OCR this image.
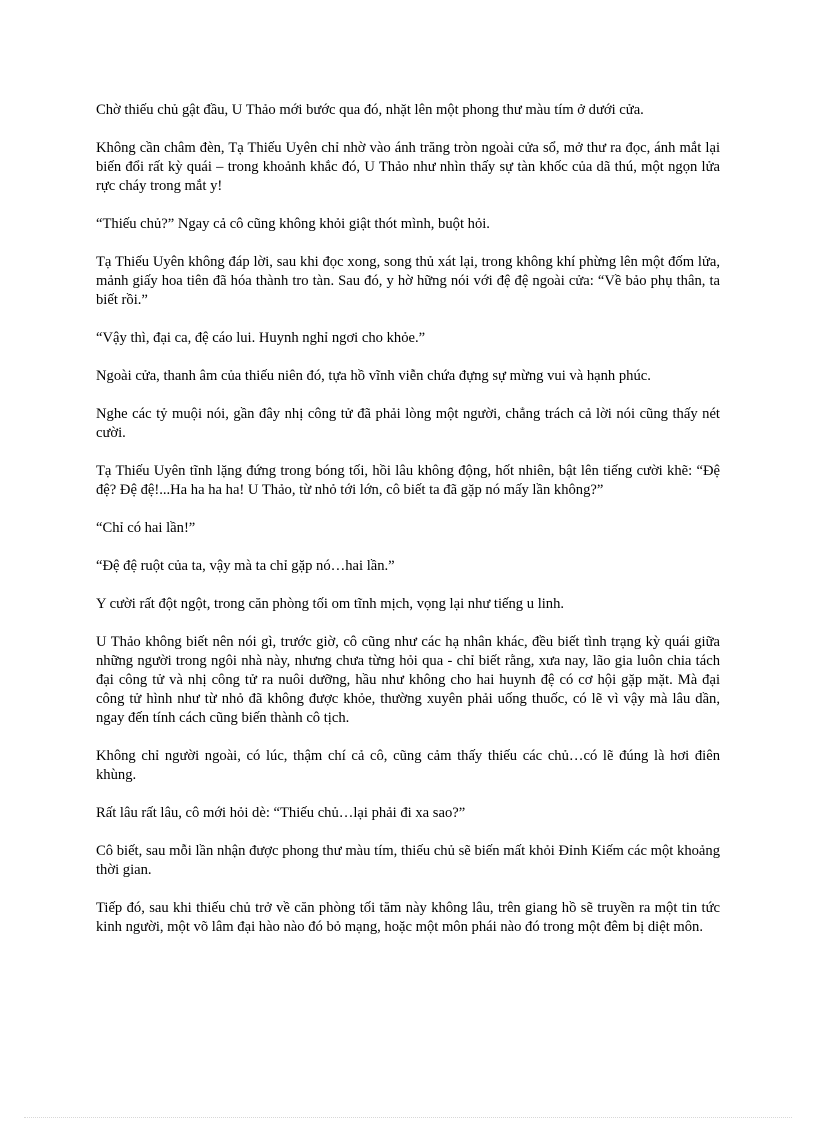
Chờ thiếu chủ gật đầu, U Thảo mới bước qua đó, nhặt lên một phong thư màu tím ở dưới cửa.

Không cần châm đèn, Tạ Thiếu Uyên chỉ nhờ vào ánh trăng tròn ngoài cửa sổ, mở thư ra đọc, ánh mắt lại biến đổi rất kỳ quái – trong khoảnh khắc đó, U Thảo như nhìn thấy sự tàn khốc của dã thú, một ngọn lửa rực cháy trong mắt y!

“Thiếu chủ?” Ngay cả cô cũng không khỏi giật thót mình, buột hỏi.

Tạ Thiếu Uyên không đáp lời, sau khi đọc xong, song thủ xát lại, trong không khí phừng lên một đốm lửa, mảnh giấy hoa tiên đã hóa thành tro tàn. Sau đó, y hờ hững nói với đệ đệ ngoài cửa: “Về bảo phụ thân, ta biết rồi.”

“Vậy thì, đại ca, đệ cáo lui. Huynh nghỉ ngơi cho khỏe.”

Ngoài cửa, thanh âm của thiếu niên đó, tựa hồ vĩnh viễn chứa đựng sự mừng vui và hạnh phúc.

Nghe các tỷ muội nói, gần đây nhị công tử đã phải lòng một người, chẳng trách cả lời nói cũng thấy nét cười.

Tạ Thiếu Uyên tĩnh lặng đứng trong bóng tối, hồi lâu không động, hốt nhiên, bật lên tiếng cười khẽ: “Đệ đệ? Đệ đệ!...Ha ha ha ha! U Thảo, từ nhỏ tới lớn, cô biết ta đã gặp nó mấy lần không?”

“Chỉ có hai lần!”

“Đệ đệ ruột của ta, vậy mà ta chỉ gặp nó…hai lần.”

Y cười rất đột ngột, trong căn phòng tối om tĩnh mịch, vọng lại như tiếng u linh.

U Thảo không biết nên nói gì, trước giờ, cô cũng như các hạ nhân khác, đều biết tình trạng kỳ quái giữa những người trong ngôi nhà này, nhưng chưa từng hỏi qua - chỉ biết rằng, xưa nay, lão gia luôn chia tách đại công tử và nhị công tử ra nuôi dưỡng, hầu như không cho hai huynh đệ có cơ hội gặp mặt. Mà đại công tử hình như từ nhỏ đã không được khỏe, thường xuyên phải uống thuốc, có lẽ vì vậy mà lâu dần, ngay đến tính cách cũng biến thành cô tịch.

Không chỉ người ngoài, có lúc, thậm chí cả cô, cũng cảm thấy thiếu các chủ…có lẽ đúng là hơi điên khùng.

Rất lâu rất lâu, cô mới hỏi dè: “Thiếu chủ…lại phải đi xa sao?”

Cô biết, sau mỗi lần nhận được phong thư màu tím, thiếu chủ sẽ biến mất khỏi Đỉnh Kiếm các một khoảng thời gian.

Tiếp đó, sau khi thiếu chủ trở về căn phòng tối tăm này không lâu, trên giang hồ sẽ truyền ra một tin tức kinh người, một võ lâm đại hào nào đó bỏ mạng, hoặc một môn phái nào đó trong một đêm bị diệt môn.
